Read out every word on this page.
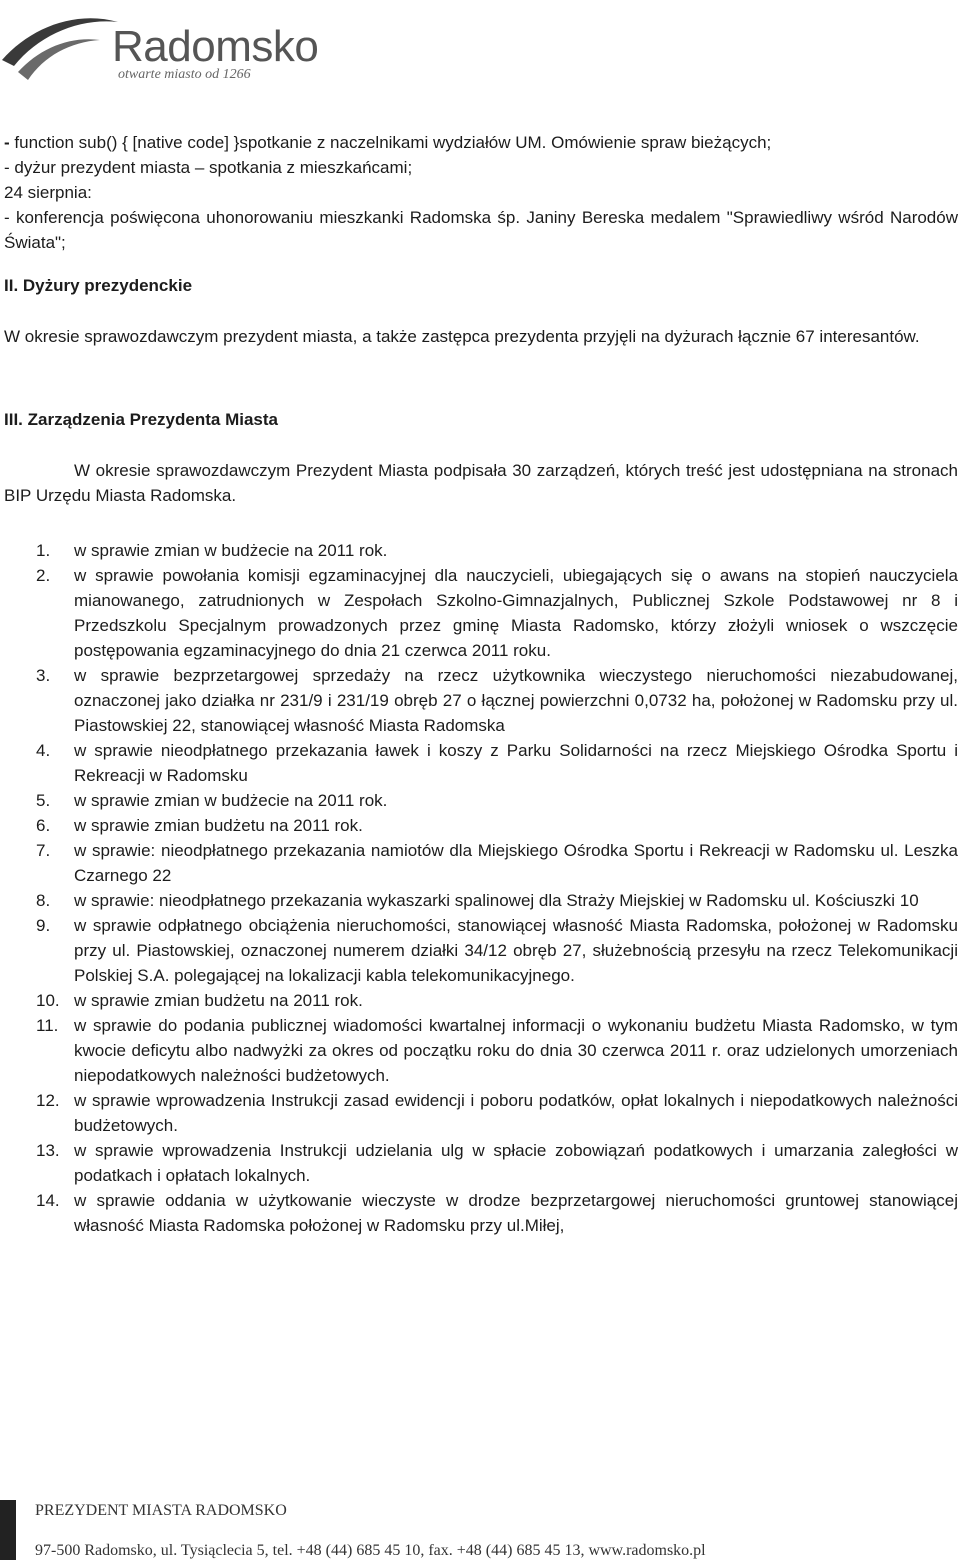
Radomsko
otwarte miasto od 1266
- function sub() { [native code] }spotkanie z naczelnikami wydziałów UM. Omówienie spraw bieżących;
- dyżur prezydent miasta – spotkania z mieszkańcami;
24 sierpnia:
- konferencja poświęcona uhonorowaniu mieszkanki Radomska śp. Janiny Bereska medalem "Sprawiedliwy wśród Narodów Świata";
II. Dyżury prezydenckie
W okresie sprawozdawczym prezydent miasta, a także zastępca prezydenta przyjęli na dyżurach łącznie 67 interesantów.
III. Zarządzenia Prezydenta Miasta
W okresie sprawozdawczym Prezydent Miasta podpisała 30 zarządzeń, których treść jest udostępniana na stronach BIP Urzędu Miasta Radomska.
1. w sprawie zmian w budżecie na 2011 rok.
2. w sprawie powołania komisji egzaminacyjnej dla nauczycieli, ubiegających się o awans na stopień nauczyciela mianowanego, zatrudnionych w Zespołach Szkolno-Gimnazjalnych, Publicznej Szkole Podstawowej nr 8 i Przedszkolu Specjalnym prowadzonych przez gminę Miasta Radomsko, którzy złożyli wniosek o wszczęcie postępowania egzaminacyjnego do dnia 21 czerwca 2011 roku.
3. w sprawie bezprzetargowej sprzedaży na rzecz użytkownika wieczystego nieruchomości niezabudowanej, oznaczonej jako działka nr 231/9 i 231/19 obręb 27 o łącznej powierzchni 0,0732 ha, położonej w Radomsku przy ul. Piastowskiej 22, stanowiącej własność Miasta Radomska
4. w sprawie nieodpłatnego przekazania ławek i koszy z Parku Solidarności na rzecz Miejskiego Ośrodka Sportu i Rekreacji w Radomsku
5. w sprawie zmian w budżecie na 2011 rok.
6. w sprawie zmian budżetu na 2011 rok.
7. w sprawie: nieodpłatnego przekazania namiotów dla Miejskiego Ośrodka Sportu i Rekreacji w Radomsku ul. Leszka Czarnego 22
8. w sprawie: nieodpłatnego przekazania wykaszarki spalinowej dla Straży Miejskiej w Radomsku ul. Kościuszki 10
9. w sprawie odpłatnego obciążenia nieruchomości, stanowiącej własność Miasta Radomska, położonej w Radomsku przy ul. Piastowskiej, oznaczonej numerem działki 34/12 obręb 27, służebnością przesyłu na rzecz Telekomunikacji Polskiej S.A. polegającej na lokalizacji kabla telekomunikacyjnego.
10. w sprawie zmian budżetu na 2011 rok.
11. w sprawie do podania publicznej wiadomości kwartalnej informacji o wykonaniu budżetu Miasta Radomsko, w tym kwocie deficytu albo nadwyżki za okres od początku roku do dnia 30 czerwca 2011 r. oraz udzielonych umorzeniach niepodatkowych należności budżetowych.
12. w sprawie wprowadzenia Instrukcji zasad ewidencji i poboru podatków, opłat lokalnych i niepodatkowych należności budżetowych.
13. w sprawie wprowadzenia Instrukcji udzielania ulg w spłacie zobowiązań podatkowych i umarzania zaległości w podatkach i opłatach lokalnych.
14. w sprawie oddania w użytkowanie wieczyste w drodze bezprzetargowej nieruchomości gruntowej stanowiącej własność Miasta Radomska położonej w Radomsku przy ul.Miłej,
PREZYDENT MIASTA RADOMSKO
97-500 Radomsko, ul. Tysiąclecia 5, tel. +48 (44) 685 45 10, fax. +48 (44) 685 45 13, www.radomsko.pl
